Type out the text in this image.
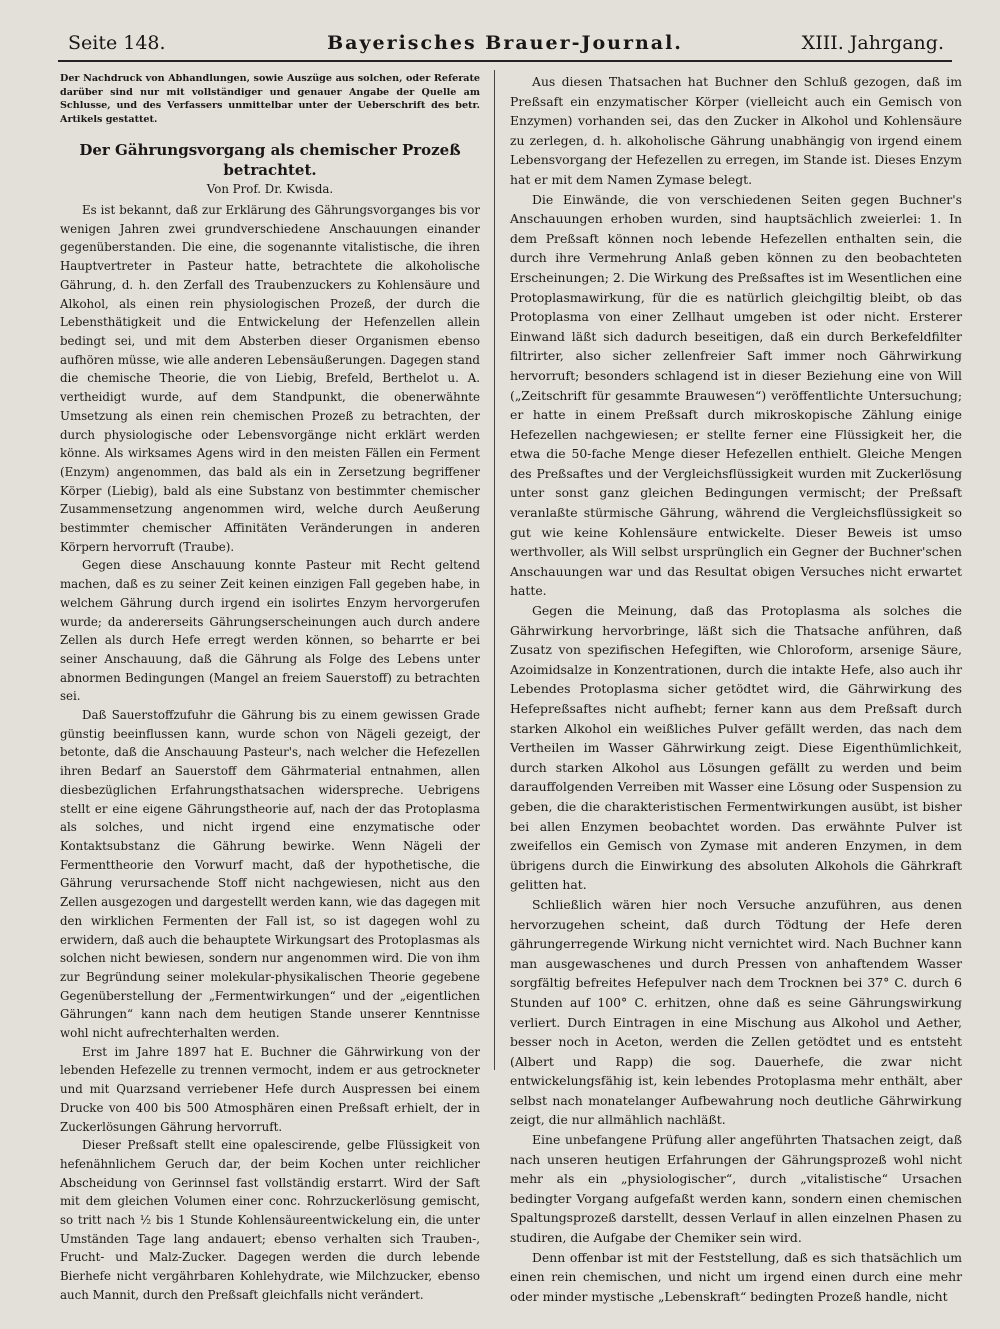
Seite 148.	Bayerisches Brauer-Journal.	XIII. Jahrgang.

Der Nachdruck von Abhandlungen, sowie Auszüge aus solchen, oder Referate darüber sind nur mit vollständiger und genauer Angabe der Quelle am Schlusse, und des Verfassers unmittelbar unter der Ueberschrift des betr. Artikels gestattet.

Der Gährungsvorgang als chemischer Prozeß betrachtet.

Von Prof. Dr. Kwisda.

Es ist bekannt, daß zur Erklärung des Gährungsvorganges bis vor wenigen Jahren zwei grundverschiedene Anschauungen einander gegenüberstanden. Die eine, die sogenannte vitalistische, die ihren Hauptvertreter in Pasteur hatte, betrachtete die alkoholische Gährung, d. h. den Zerfall des Traubenzuckers zu Kohlensäure und Alkohol, als einen rein physiologischen Prozeß, der durch die Lebensthätigkeit und die Entwickelung der Hefenzellen allein bedingt sei, und mit dem Absterben dieser Organismen ebenso aufhören müsse, wie alle anderen Lebensäußerungen. Dagegen stand die chemische Theorie, die von Liebig, Brefeld, Berthelot u. A. vertheidigt wurde, auf dem Standpunkt, die obenerwähnte Umsetzung als einen rein chemischen Prozeß zu betrachten, der durch physiologische oder Lebensvorgänge nicht erklärt werden könne. Als wirksames Agens wird in den meisten Fällen ein Ferment (Enzym) angenommen, das bald als ein in Zersetzung begriffener Körper (Liebig), bald als eine Substanz von bestimmter chemischer Zusammensetzung angenommen wird, welche durch Aeußerung bestimmter chemischer Affinitäten Veränderungen in anderen Körpern hervorruft (Traube).

Gegen diese Anschauung konnte Pasteur mit Recht geltend machen, daß es zu seiner Zeit keinen einzigen Fall gegeben habe, in welchem Gährung durch irgend ein isolirtes Enzym hervorgerufen wurde; da andererseits Gährungserscheinungen auch durch andere Zellen als durch Hefe erregt werden können, so beharrte er bei seiner Anschauung, daß die Gährung als Folge des Lebens unter abnormen Bedingungen (Mangel an freiem Sauerstoff) zu betrachten sei.

Daß Sauerstoffzufuhr die Gährung bis zu einem gewissen Grade günstig beeinflussen kann, wurde schon von Nägeli gezeigt, der betonte, daß die Anschauung Pasteur's, nach welcher die Hefezellen ihren Bedarf an Sauerstoff dem Gährmaterial entnahmen, allen diesbezüglichen Erfahrungsthatsachen widerspreche. Uebrigens stellt er eine eigene Gährungstheorie auf, nach der das Protoplasma als solches, und nicht irgend eine enzymatische oder Kontaktsubstanz die Gährung bewirke. Wenn Nägeli der Fermenttheorie den Vorwurf macht, daß der hypothetische, die Gährung verursachende Stoff nicht nachgewiesen, nicht aus den Zellen ausgezogen und dargestellt werden kann, wie das dagegen mit den wirklichen Fermenten der Fall ist, so ist dagegen wohl zu erwidern, daß auch die behauptete Wirkungsart des Protoplasmas als solchen nicht bewiesen, sondern nur angenommen wird. Die von ihm zur Begründung seiner molekular-physikalischen Theorie gegebene Gegenüberstellung der „Fermentwirkungen“ und der „eigentlichen Gährungen“ kann nach dem heutigen Stande unserer Kenntnisse wohl nicht aufrechterhalten werden.

Erst im Jahre 1897 hat E. Buchner die Gährwirkung von der lebenden Hefezelle zu trennen vermocht, indem er aus getrockneter und mit Quarzsand verriebener Hefe durch Auspressen bei einem Drucke von 400 bis 500 Atmosphären einen Preßsaft erhielt, der in Zuckerlösungen Gährung hervorruft.

Dieser Preßsaft stellt eine opalescirende, gelbe Flüssigkeit von hefenähnlichem Geruch dar, der beim Kochen unter reichlicher Abscheidung von Gerinnsel fast vollständig erstarrt. Wird der Saft mit dem gleichen Volumen einer conc. Rohrzuckerlösung gemischt, so tritt nach ½ bis 1 Stunde Kohlensäureentwickelung ein, die unter Umständen Tage lang andauert; ebenso verhalten sich Trauben-, Frucht- und Malz-Zucker. Dagegen werden die durch lebende Bierhefe nicht vergährbaren Kohlehydrate, wie Milchzucker, ebenso auch Mannit, durch den Preßsaft gleichfalls nicht verändert.

Aus diesen Thatsachen hat Buchner den Schluß gezogen, daß im Preßsaft ein enzymatischer Körper (vielleicht auch ein Gemisch von Enzymen) vorhanden sei, das den Zucker in Alkohol und Kohlensäure zu zerlegen, d. h. alkoholische Gährung unabhängig von irgend einem Lebensvorgang der Hefezellen zu erregen, im Stande ist. Dieses Enzym hat er mit dem Namen Zymase belegt.

Die Einwände, die von verschiedenen Seiten gegen Buchner's Anschauungen erhoben wurden, sind hauptsächlich zweierlei: 1. In dem Preßsaft können noch lebende Hefezellen enthalten sein, die durch ihre Vermehrung Anlaß geben können zu den beobachteten Erscheinungen; 2. Die Wirkung des Preßsaftes ist im Wesentlichen eine Protoplasmawirkung, für die es natürlich gleichgiltig bleibt, ob das Protoplasma von einer Zellhaut umgeben ist oder nicht. Ersterer Einwand läßt sich dadurch beseitigen, daß ein durch Berkefeldfilter filtrirter, also sicher zellenfreier Saft immer noch Gährwirkung hervorruft; besonders schlagend ist in dieser Beziehung eine von Will („Zeitschrift für gesammte Brauwesen“) veröffentlichte Untersuchung; er hatte in einem Preßsaft durch mikroskopische Zählung einige Hefezellen nachgewiesen; er stellte ferner eine Flüssigkeit her, die etwa die 50-fache Menge dieser Hefezellen enthielt. Gleiche Mengen des Preßsaftes und der Vergleichsflüssigkeit wurden mit Zuckerlösung unter sonst ganz gleichen Bedingungen vermischt; der Preßsaft veranlaßte stürmische Gährung, während die Vergleichsflüssigkeit so gut wie keine Kohlensäure entwickelte. Dieser Beweis ist umso werthvoller, als Will selbst ursprünglich ein Gegner der Buchner'schen Anschauungen war und das Resultat obigen Versuches nicht erwartet hatte.

Gegen die Meinung, daß das Protoplasma als solches die Gährwirkung hervorbringe, läßt sich die Thatsache anführen, daß Zusatz von spezifischen Hefegiften, wie Chloroform, arsenige Säure, Azoimidsalze in Konzentrationen, durch die intakte Hefe, also auch ihr Lebendes Protoplasma sicher getödtet wird, die Gährwirkung des Hefepreßsaftes nicht aufhebt; ferner kann aus dem Preßsaft durch starken Alkohol ein weißliches Pulver gefällt werden, das nach dem Vertheilen im Wasser Gährwirkung zeigt. Diese Eigenthümlichkeit, durch starken Alkohol aus Lösungen gefällt zu werden und beim darauffolgenden Verreiben mit Wasser eine Lösung oder Suspension zu geben, die die charakteristischen Fermentwirkungen ausübt, ist bisher bei allen Enzymen beobachtet worden. Das erwähnte Pulver ist zweifellos ein Gemisch von Zymase mit anderen Enzymen, in dem übrigens durch die Einwirkung des absoluten Alkohols die Gährkraft gelitten hat.

Schließlich wären hier noch Versuche anzuführen, aus denen hervorzugehen scheint, daß durch Tödtung der Hefe deren gährungerregende Wirkung nicht vernichtet wird. Nach Buchner kann man ausgewaschenes und durch Pressen von anhaftendem Wasser sorgfältig befreites Hefepulver nach dem Trocknen bei 37° C. durch 6 Stunden auf 100° C. erhitzen, ohne daß es seine Gährungswirkung verliert. Durch Eintragen in eine Mischung aus Alkohol und Aether, besser noch in Aceton, werden die Zellen getödtet und es entsteht (Albert und Rapp) die sog. Dauerhefe, die zwar nicht entwickelungsfähig ist, kein lebendes Protoplasma mehr enthält, aber selbst nach monatelanger Aufbewahrung noch deutliche Gährwirkung zeigt, die nur allmählich nachläßt.

Eine unbefangene Prüfung aller angeführten Thatsachen zeigt, daß nach unseren heutigen Erfahrungen der Gährungsprozeß wohl nicht mehr als ein „physiologischer“, durch „vitalistische“ Ursachen bedingter Vorgang aufgefaßt werden kann, sondern einen chemischen Spaltungsprozeß darstellt, dessen Verlauf in allen einzelnen Phasen zu studiren, die Aufgabe der Chemiker sein wird.

Denn offenbar ist mit der Feststellung, daß es sich thatsächlich um einen rein chemischen, und nicht um irgend einen durch eine mehr oder minder mystische „Lebenskraft“ bedingten Prozeß handle, nicht
